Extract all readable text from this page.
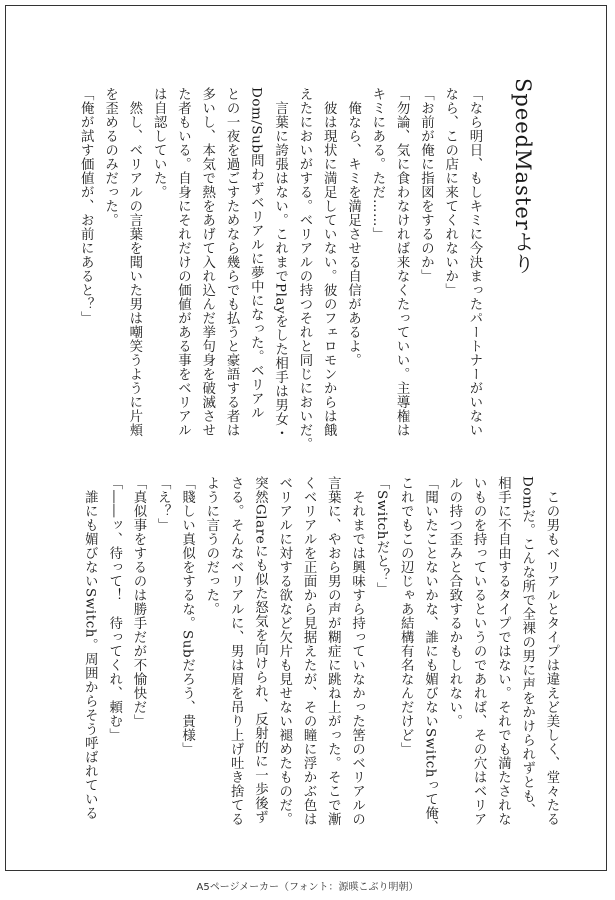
SpeedMasterより
「なら明日、もしキミに今決まったパートナーがいない
なら、この店に来てくれないか」
「お前が俺に指図をするのか」
「勿論、気に食わなければ来なくたっていい。主導権は
キミにある。ただ……」
　俺なら、キミを満足させる自信があるよ。
　彼は現状に満足していない。彼のフェロモンからは餓
えたにおいがする。ベリアルの持つそれと同じにおいだ。
　言葉に誇張はない。これまでPlayをした相手は男女・
Dom/Sub問わずベリアルに夢中になった。ベリアル
との一夜を過ごすためなら幾らでも払うと豪語する者は
多いし、本気で熱をあげて入れ込んだ挙句身を破滅させ
た者もいる。自身にそれだけの価値がある事をベリアル
は自認していた。
　然し、ベリアルの言葉を聞いた男は嘲笑うように片頬
を歪めるのみだった。
「俺が試す価値が、お前にあると？」
　この男もベリアルとタイプは違えど美しく、堂々たる
Domだ。こんな所で全裸の男に声をかけられずとも、
相手に不自由するタイプではない。それでも満たされな
いものを持っているというのであれば、その穴はベリア
ルの持つ歪みと合致するかもしれない。
「聞いたことないかな、誰にも媚びないSwitchって俺、
これでもこの辺じゃあ結構有名なんだけど」
「Switchだと？」
　それまでは興味すら持っていなかった筈のベリアルの
言葉に、やおら男の声が糊症に跳ね上がった。そこで漸
くベリアルを正面から見据えたが、その瞳に浮かぶ色は
ベリアルに対する欲など欠片も見せない褪めたものだ。
突然Glareにも似た怒気を向けられ、反射的に一歩後ず
さる。そんなベリアルに、男は眉を吊り上げ吐き捨てる
ように言うのだった。
「賤しい真似をするな。Subだろう、貴様」
「え？」
「真似事をするのは勝手だが不愉快だ」
「――ッ、待って！　待ってくれ、頼む」
　誰にも媚びないSwitch。周囲からそう呼ばれている
A5ページメーカー（フォント：源暎こぶり明朝）
